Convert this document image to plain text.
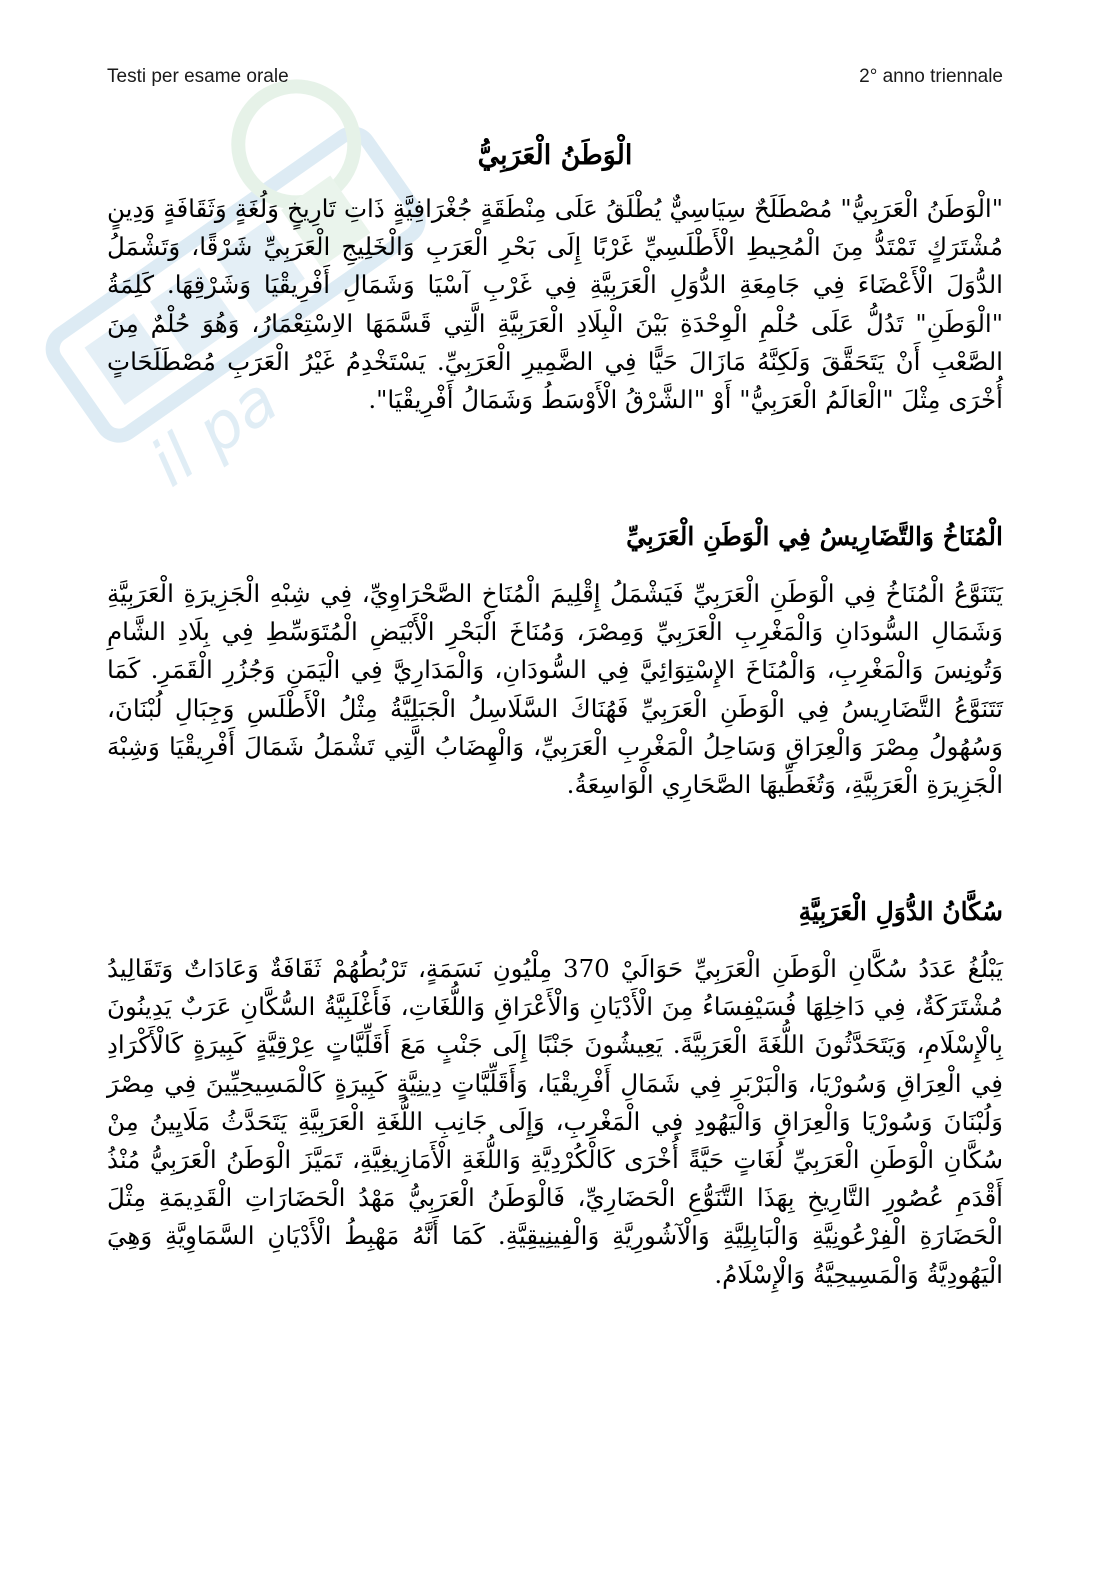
il pa
Testi per esame orale	2° anno triennale
الْوَطَنُ الْعَرَبِيُّ
"الْوَطَنُ الْعَرَبِيُّ" مُصْطَلَحٌ سِيَاسِيٌّ يُطْلَقُ عَلَى مِنْطَقَةٍ جُغْرَافِيَّةٍ ذَاتِ تَارِيخٍ وَلُغَةٍ وَثَقَافَةٍ وَدِينٍ مُشْتَرَكٍ تَمْتَدُّ مِنَ الْمُحِيطِ الْأَطْلَسِيِّ غَرْبًا إِلَى بَحْرِ الْعَرَبِ وَالْخَلِيجِ الْعَرَبِيِّ شَرْقًا، وَتَشْمَلُ الدُّوَلَ الْأَعْضَاءَ فِي جَامِعَةِ الدُّوَلِ الْعَرَبِيَّةِ فِي غَرْبِ آسْيَا وَشَمَالِ أَفْرِيقْيَا وَشَرْقِهَا. كَلِمَةُ "الْوَطَنِ" تَدُلُّ عَلَى حُلْمِ الْوِحْدَةِ بَيْنَ الْبِلَادِ الْعَرَبِيَّةِ الَّتِي قَسَّمَهَا الاِسْتِعْمَارُ، وَهُوَ حُلْمٌ مِنَ الصَّعْبِ أَنْ يَتَحَقَّقَ وَلَكِنَّهُ مَازَالَ حَيًّا فِي الضَّمِيرِ الْعَرَبِيِّ. يَسْتَخْدِمُ غَيْرُ الْعَرَبِ مُصْطَلَحَاتٍ أُخْرَى مِثْلَ "الْعَالَمُ الْعَرَبِيُّ" أَوْ "الشَّرْقُ الْأَوْسَطُ وَشَمَالُ أَفْرِيقْيَا".
الْمُنَاخُ وَالتَّضَارِيسُ فِي الْوَطَنِ الْعَرَبِيِّ
يَتَنَوَّعُ الْمُنَاخُ فِي الْوَطَنِ الْعَرَبِيِّ فَيَشْمَلُ إِقْلِيمَ الْمُنَاخِ الصَّحْرَاوِيِّ، فِي شِبْهِ الْجَزِيرَةِ الْعَرَبِيَّةِ وَشَمَالِ السُّودَانِ وَالْمَغْرِبِ الْعَرَبِيِّ وَمِصْرَ، وَمُنَاخَ الْبَحْرِ الْأَبْيَضِ الْمُتَوَسِّطِ فِي بِلَادِ الشَّامِ وَتُونِسَ وَالْمَغْرِبِ، وَالْمُنَاخَ الإِسْتِوَائِيَّ فِي السُّودَانِ، وَالْمَدَارِيَّ فِي الْيَمَنِ وَجُزُرِ الْقَمَرِ. كَمَا تَتَنَوَّعُ التَّضَارِيسُ فِي الْوَطَنِ الْعَرَبِيِّ فَهُنَاكَ السَّلَاسِلُ الْجَبَلِيَّةُ مِثْلُ الْأَطْلَسِ وَجِبَالِ لُبْنَانَ، وَسُهُولُ مِصْرَ وَالْعِرَاقِ وَسَاحِلُ الْمَغْرِبِ الْعَرَبِيِّ، وَالْهِضَابُ الَّتِي تَشْمَلُ شَمَالَ أَفْرِيقْيَا وَشِبْهَ الْجَزِيرَةِ الْعَرَبِيَّةِ، وَتُغَطِّيهَا الصَّحَارِي الْوَاسِعَةُ.
سُكَّانُ الدُّوَلِ الْعَرَبِيَّةِ
يَبْلُغُ عَدَدُ سُكَّانِ الْوَطَنِ الْعَرَبِيِّ حَوَالَيْ 370 مِلْيُونِ نَسَمَةٍ، تَرْبُطُهُمْ ثَقَافَةٌ وَعَادَاتٌ وَتَقَالِيدُ مُشْتَرَكَةٌ، فِي دَاخِلِهَا فُسَيْفِسَاءُ مِنَ الْأَدْيَانِ وَالْأَعْرَاقِ وَاللُّغَاتِ، فَأَغْلَبِيَّةُ السُّكَّانِ عَرَبٌ يَدِينُونَ بِالْإِسْلَامِ، وَيَتَحَدَّثُونَ اللُّغَةَ الْعَرَبِيَّةَ. يَعِيشُونَ جَنْبًا إِلَى جَنْبٍ مَعَ أَقَلِّيَّاتٍ عِرْقِيَّةٍ كَبِيرَةٍ كَالْأَكْرَادِ فِي الْعِرَاقِ وَسُورْيَا، وَالْبَرْبَرِ فِي شَمَالِ أَفْرِيقْيَا، وَأَقَلِّيَّاتٍ دِينِيَّةٍ كَبِيرَةٍ كَالْمَسِيحِيِّينَ فِي مِصْرَ وَلُبْنَانَ وَسُورْيَا وَالْعِرَاقِ وَالْيَهُودِ فِي الْمَغْرِبِ، وَإِلَى جَانِبِ اللُّغَةِ الْعَرَبِيَّةِ يَتَحَدَّثُ مَلَايِينُ مِنْ سُكَّانِ الْوَطَنِ الْعَرَبِيِّ لُغَاتٍ حَيَّةً أُخْرَى كَالْكُرْدِيَّةِ وَاللُّغَةِ الْأَمَازِيغِيَّةِ، تَمَيَّزَ الْوَطَنُ الْعَرَبِيُّ مُنْذُ أَقْدَمِ عُصُورِ التَّارِيخِ بِهَذَا التَّنَوُّعِ الْحَضَارِيِّ، فَالْوَطَنُ الْعَرَبِيُّ مَهْدُ الْحَضَارَاتِ الْقَدِيمَةِ مِثْلَ الْحَضَارَةِ الْفِرْعُونِيَّةِ وَالْبَابِلِيَّةِ وَالْآشُورِيَّةِ وَالْفِينِيقِيَّةِ. كَمَا أَنَّهُ مَهْبِطُ الْأَدْيَانِ السَّمَاوِيَّةِ وَهِيَ الْيَهُودِيَّةُ وَالْمَسِيحِيَّةُ وَالْإِسْلَامُ.
